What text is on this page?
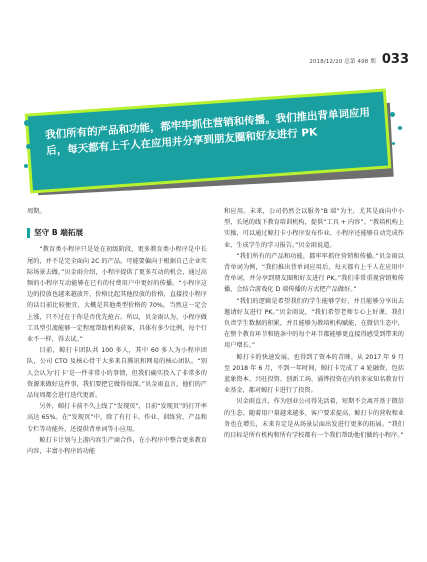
2018/12/20 总第 498 期 033
我们所有的产品和功能，都牢牢抓住营销和传播。我们推出背单词应用后，每天都有上千人在应用并分享到朋友圈和好友进行 PK

周期。

坚守 B 端拓展

“教育类小程序只是处在初级阶段，更多教育类小程序是中长尾的，并不是完全面向 2C 的产品。可能要偏向于根据自己企业实际场景去做。”贝金雨介绍，小程序提供了更多互动的机会，通过高频的小程序互动能够在已有的付费用户中更好的传播。“小程序这边的投放也越来越放开，价格比起其他投放的价格，直接投小程序的话目前比较便宜，大概是其他类型价格的 70%，当然这一定会上涨，只不过在于你是否优先抢占。所以，贝金雨认为，小程序做工具型引流能够一定程度帮助机构获客，具体有多少比例，每个行业不一样，得去试。”

目前，鲸打卡团队共 100 多人，其中 60 多人为小程序团队，公司 CTO 及核心骨干大多来自腾讯和网易的核心团队。“别人会认为‘打卡’是一件非常小的事情，但我们确实投入了非常多的资源来做好这件事，我们要把它做得很深。”贝金雨直言，他们的产品每周都会进行迭代更新。

另外，鲸打卡前不久上线了“发现页”，目前“发现页”的打开率高达 65%。在“发现页”中，除了有打卡、作业、训练营、产品和专栏等功能外，还提供背单词等小应用。

鲸打卡计划与上游内容生产商合作，在小程序中整合更多教育内容，丰富小程序的功能

和应用。未来，公司仍然会以服务“B 端”为主，尤其是面向中小型、长尾的线下教育培训机构，提供“工具 + 内容”。“教培机构上实操，可以通过鲸打卡小程序发布作业。小程序还能够自动完成作业，生成学生的学习报告。”贝金雨说道。

“我们所有的产品和功能，都牢牢抓住营销和传播。”贝金雨以背单词为例，“我们推出背单词应用后，每天都有上千人在应用中背单词，并分享到朋友圈和好友进行 PK。”我们非常重视营销和传播，会结合游戏化 D 端传播的方式把产品做好。”

“我们的逻辑是希望我们的学生能够学好，并且能够分享出去邀请好友进行 PK。”贝金雨说，“我们希望老师专心上好课，我们负责学生数据的积累，并且能够为教培机构赋能，在微信生态中，在整个教育环节和链条中的每个环节都能够更直接得感受到带来的用户增长。”

鲸打卡的快速发展，也得到了资本的青睐。从 2017 年 9 月至 2018 年 6 月，不到一年时间，鲸打卡完成了 4 轮融资，包括蓝象资本、兴旺投资、创新工场、涌铧投资在内的多家知名教育行业基金，都对鲸打卡进行了投资。

贝金雨直言，作为创业公司得先活着，短期不会离开基于微信的生态。随着用户量越来越多，客户要求提高，鲸打卡的营收和业务也在增长，未来肯定是从场景层面出发进行更多的拓展。“我们的目标是所有机构和所有学校都有一个我们帮助他们做的小程序。”
